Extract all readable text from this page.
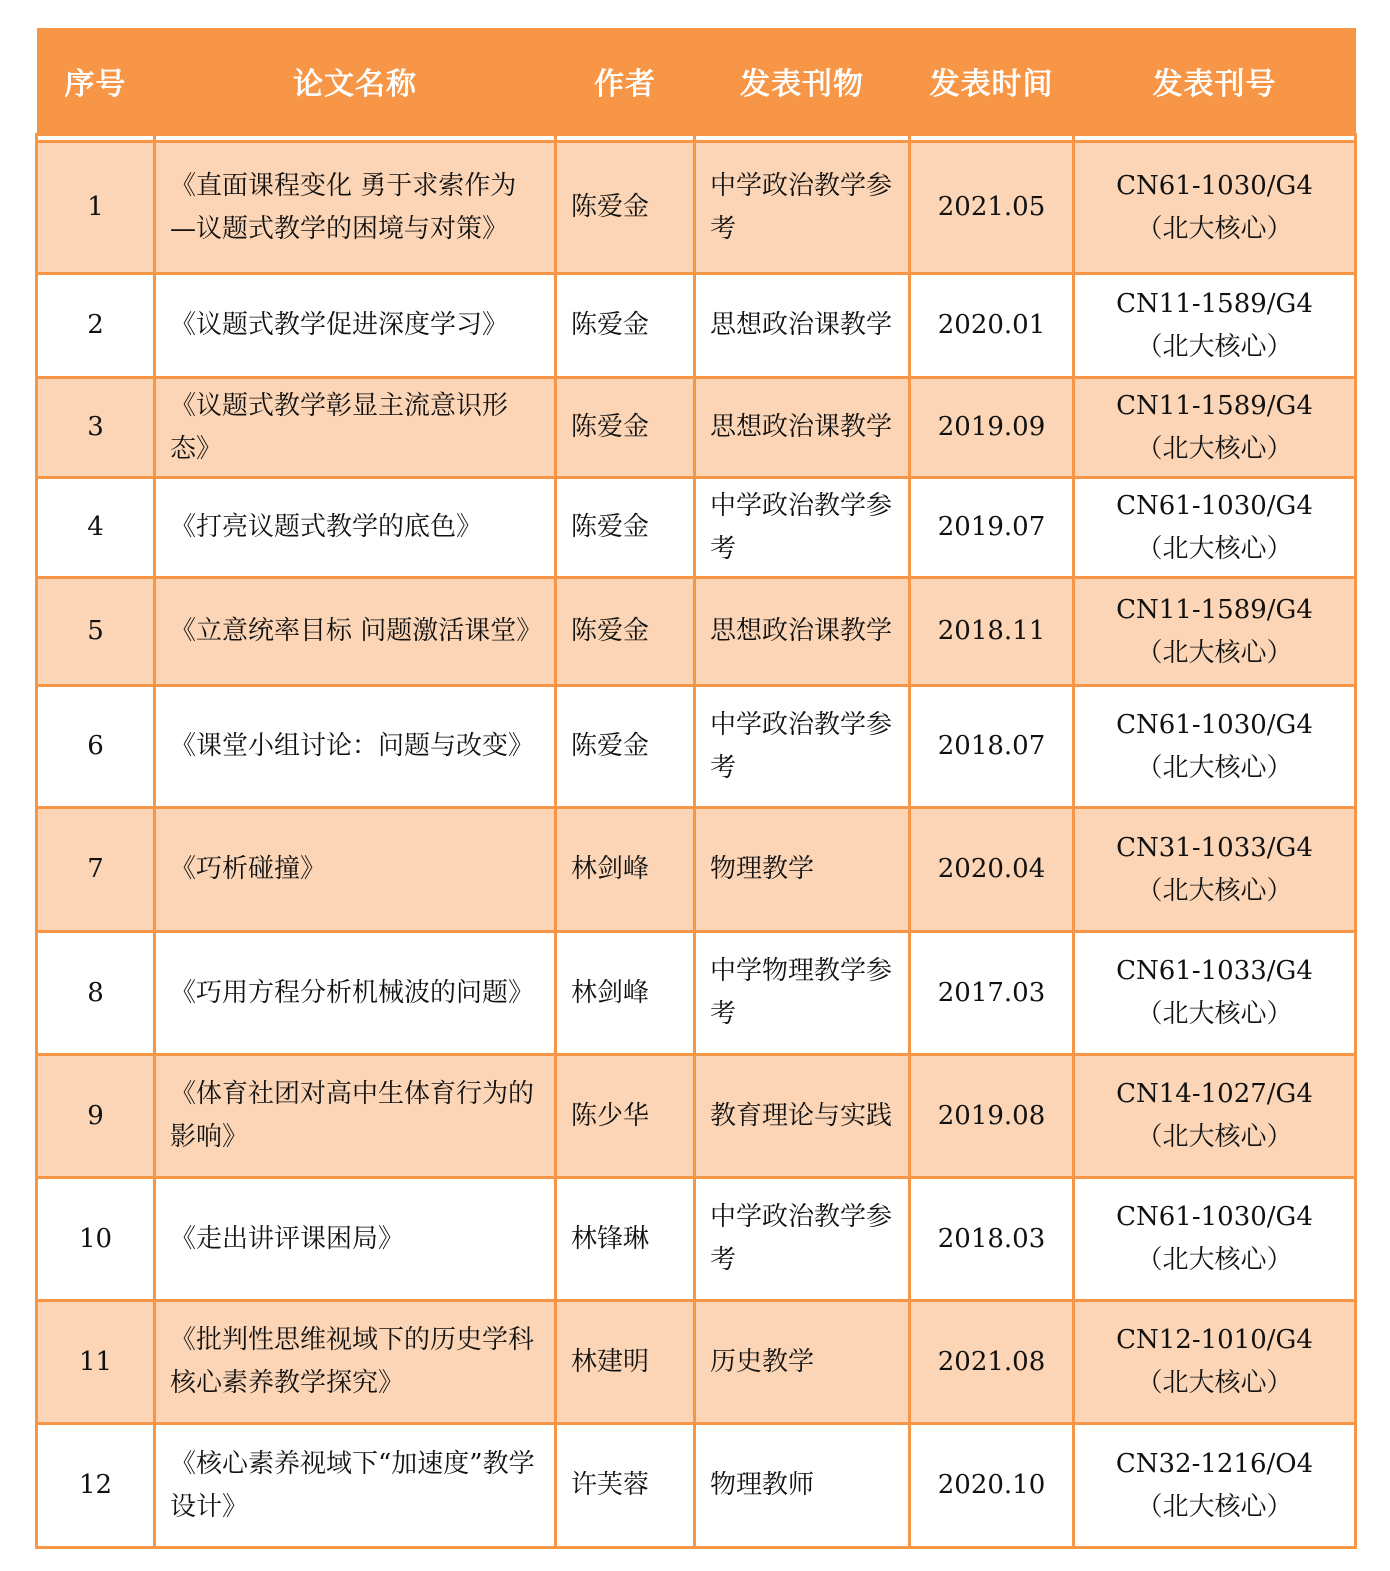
序号	论文名称	作者	发表刊物	发表时间	发表刊号

1	《直面课程变化 勇于求索作为—议题式教学的困境与对策》	陈爱金	中学政治教学参考	2021.05	CN61-1030/G4
（北大核心）

2	《议题式教学促进深度学习》	陈爱金	思想政治课教学	2020.01	CN11-1589/G4
（北大核心）

3	《议题式教学彰显主流意识形态》	陈爱金	思想政治课教学	2019.09	CN11-1589/G4
（北大核心）

4	《打亮议题式教学的底色》	陈爱金	中学政治教学参考	2019.07	CN61-1030/G4
（北大核心）

5	《立意统率目标 问题激活课堂》	陈爱金	思想政治课教学	2018.11	CN11-1589/G4
（北大核心）

6	《课堂小组讨论：问题与改变》	陈爱金	中学政治教学参考	2018.07	CN61-1030/G4
（北大核心）

7	《巧析碰撞》	林剑峰	物理教学	2020.04	CN31-1033/G4
（北大核心）

8	《巧用方程分析机械波的问题》	林剑峰	中学物理教学参考	2017.03	CN61-1033/G4
（北大核心）

9	《体育社团对高中生体育行为的影响》	陈少华	教育理论与实践	2019.08	CN14-1027/G4
（北大核心）

10	《走出讲评课困局》	林锋琳	中学政治教学参考	2018.03	CN61-1030/G4
（北大核心）

11	《批判性思维视域下的历史学科核心素养教学探究》	林建明	历史教学	2021.08	CN12-1010/G4
（北大核心）

12	《核心素养视域下“加速度”教学设计》	许芙蓉	物理教师	2020.10	CN32-1216/O4
（北大核心）
